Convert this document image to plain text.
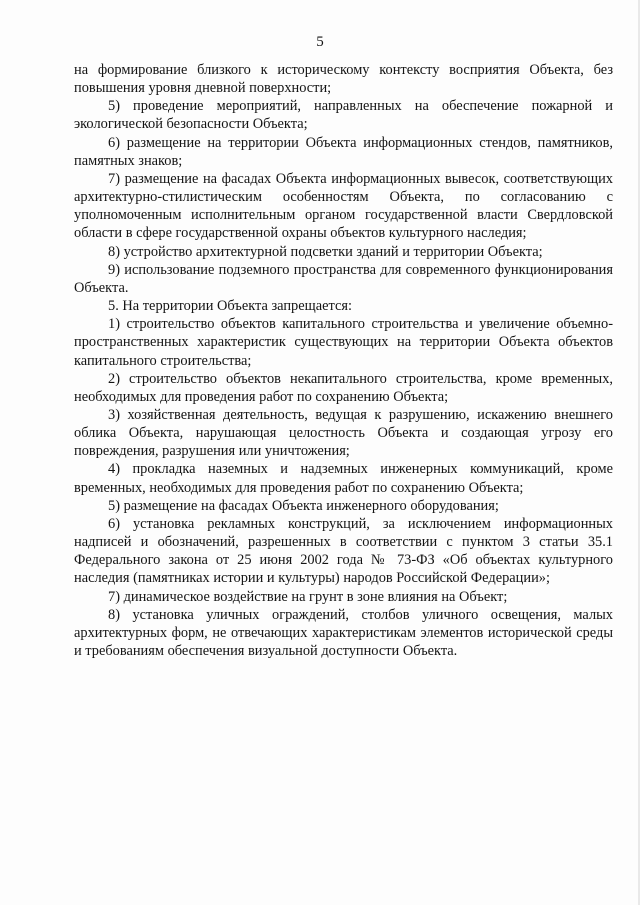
5

на формирование близкого к историческому контексту восприятия Объекта, без повышения уровня дневной поверхности;

5) проведение мероприятий, направленных на обеспечение пожарной и экологической безопасности Объекта;

6) размещение на территории Объекта информационных стендов, памятников, памятных знаков;

7) размещение на фасадах Объекта информационных вывесок, соответствующих архитектурно-стилистическим особенностям Объекта, по согласованию с уполномоченным исполнительным органом государственной власти Свердловской области в сфере государственной охраны объектов культурного наследия;

8) устройство архитектурной подсветки зданий и территории Объекта;

9) использование подземного пространства для современного функционирования Объекта.

5. На территории Объекта запрещается:

1) строительство объектов капитального строительства и увеличение объемно-пространственных характеристик существующих на территории Объекта объектов капитального строительства;

2) строительство объектов некапитального строительства, кроме временных, необходимых для проведения работ по сохранению Объекта;

3) хозяйственная деятельность, ведущая к разрушению, искажению внешнего облика Объекта, нарушающая целостность Объекта и создающая угрозу его повреждения, разрушения или уничтожения;

4) прокладка наземных и надземных инженерных коммуникаций, кроме временных, необходимых для проведения работ по сохранению Объекта;

5) размещение на фасадах Объекта инженерного оборудования;

6) установка рекламных конструкций, за исключением информационных надписей и обозначений, разрешенных в соответствии с пунктом 3 статьи 35.1 Федерального закона от 25 июня 2002 года № 73-ФЗ «Об объектах культурного наследия (памятниках истории и культуры) народов Российской Федерации»;

7) динамическое воздействие на грунт в зоне влияния на Объект;

8) установка уличных ограждений, столбов уличного освещения, малых архитектурных форм, не отвечающих характеристикам элементов исторической среды и требованиям обеспечения визуальной доступности Объекта.
